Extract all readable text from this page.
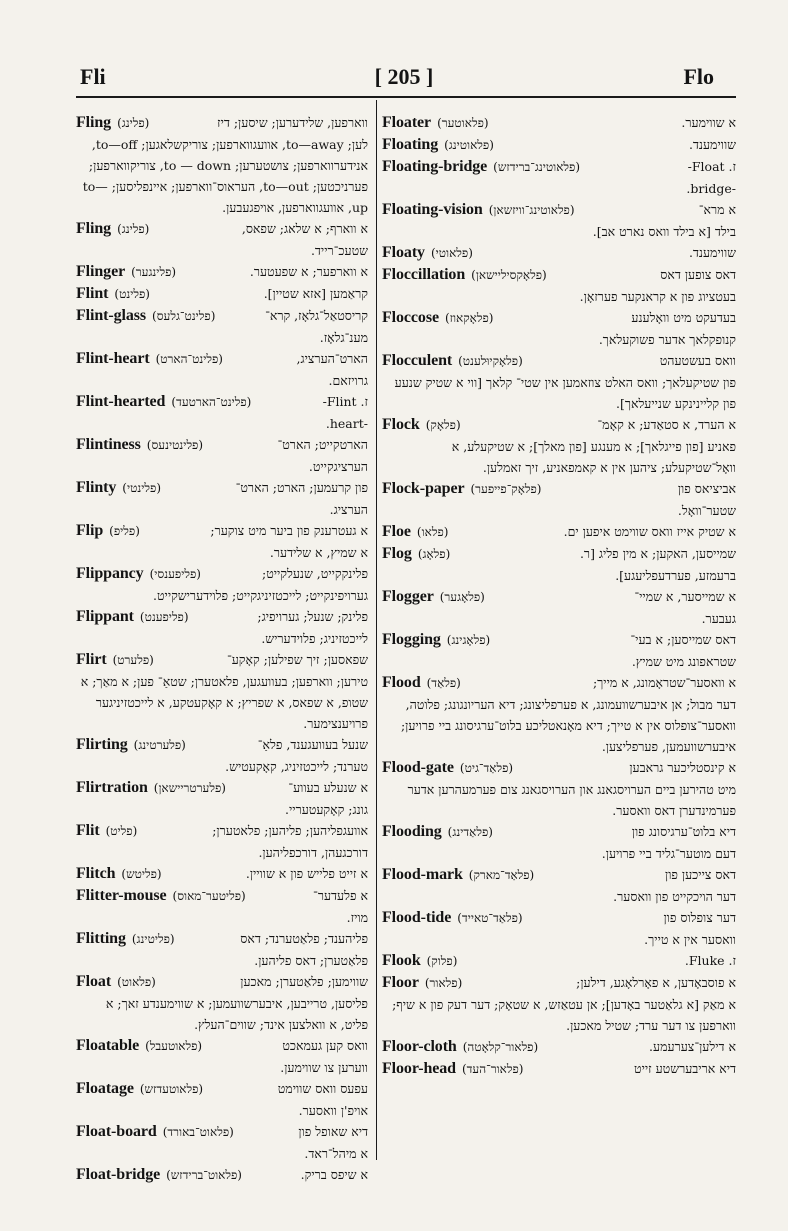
Fli	[ 205 ]	Flo
Fling (פלינג)	ווארפען, שלידערען; שיסען; דיז
לען; to—away, אוועגווארפען; צוריקשלאגען; to—off, אנידערווארפען; צושטערען; to — down, צוריקווארפען; פערניכטען; to—out, העראוס־ווארפען; איינפליסען; to—up, אוועגווארפען, אויפגעבען.
Fling (פלינג)	א ווארף; א שלאג; שפאס,
שטעכ־רייד.
Flinger (פלינגער)	א ווארפער; א שפעטער.
Flint (פלינט)	קראַמען [אזא שטיין].
Flint-glass (פלינט־גלעס)	קריסטאַל־גלאָז, קרא־
מענ־גלאָז.
Flint-heart (פלינט־הארט)	הארט־הערציג,
גרויזאם.
Flint-hearted (פלינט־הארטעד)	ז. Flint-
-heart.
Flintiness (פלינטינעס)	הארטקייט; הארט־
הערציגקייט.
Flinty (פלינטי)	פון קרעמען; הארט; הארט־
הערציג.
Flip (פליפ)	א געטרענק פון ביער מיט צוקער;
א שמיץ, א שלידער.
Flippancy (פליפענסי)	פלינקקייט, שנעלקייט;
גערויפינקייט; לייכטזיניגקייט; פלוידערישקייט.
Flippant (פליפענט)	פלינק; שנעל; גערויפיג;
לייכטזיניג; פלוידעריש.
Flirt (פלערט)	שפאסען; זיך שפילען; קאָקע־
טירען; ווארפען; בעוועגען, פלאטערן; שטאַ־ פען; א מאַך; א שטופ, א שפאס, א שפריץ; א קאָקעטקע, א לייכטזיניגער פרויענצימער.
Flirting (פלערטינג)	שנעל בעוועגענד, פלאַ־
טערנד; לייכטזיניג, קאָקעטיש.
Flirtration (פלערטריישאן)	א שנעלע בעווע־
גונג; קאָקעטעריי.
Flit (פליט)	אוועגפליהען; פליהען; פלאטערן;
דורכגעהן, דורכפליהען.
Flitch (פליטש)	א זייט פלייש פון א שוויין.
Flitter-mouse (פליטער־מאוס)	א פלעדער־
מויז.
Flitting (פליטינג)	פליהענד; פלאַטערנד; דאס
פלאַטערן; דאס פליהען.
Float (פלאוט)	שווימען; פלאַטערן; מאכען
פליסען, טרייבען, איבערשוועמען; א שווימענדע זאך; א פליט, א וואלצען אינד; שווים־העלץ.
Floatable (פלאוטעבל)	וואס קען געמאכט
ווערען צו שווימען.
Floatage (פלאוטעדזש)	עפעס וואס שווימט
אויפ'ן וואסער.
Float-board (פלאוט־באורד)	דיא שאופל פון
א מיהל־ראד.
Float-bridge (פלאוט־ברידזש)	א שיפס בריק.
Floater (פלאוטער)	א שווימער.
Floating (פלאוטינג)	שווימענד.
Floating-bridge (פלאוטינג־ברידזש)	ז. Float-
-bridge.
Floating-vision (פלאוטינג־וויזשאן)	א מרא־
בילד [א בילד וואס נארט אב].
Floaty (פלאוטי)	שווימענד.
Floccillation (פלאָקסיליישאן)	דאס צופען דאס
בעטציוג פון א קראנקער פערזאָן.
Floccose (פלאָקאוז)	בעדעקט מיט וואָלענע
קנופקלאך אדער פשוקעלאך.
Flocculent (פלאָקיוּלענט)	וואס בעשטעהט
פון שטיקעלאך; וואס האלט צוזאמען אין שטי־ קלאך [ווי א שטיק שנעע פון קליינינקע שנייעלאך].
Flock (פלאָק)	א הערד, א סטאַדע; א קאָמ־
פאניע [פון פייגלאך]; א מענגע [פון מאלך]; א שטיקעלע, א וואָל־שטיקעלע; ציהען אין א קאמפאניע, זיך זאמלען.
Flock-paper (פלאָק־פייפער)	אביציאס פון
שטער־וואָל.
Floe (פלאו)	א שטיק אייז וואס שווימט איפען ים.
Flog (פלאָג)	שמייסען, האקען; א מין פליג [ר.
ברעמזע, פערדעפליעגע].
Flogger (פלאָגער)	א שמייסער, א שמיי־
געבער.
Flogging (פלאָגינג)	דאס שמייסען; א בעי־
שטראפונג מיט שמיץ.
Flood (פלאַד)	א וואסער־שטראָמונג, א מייך;
דער מבול; אן איבערשוועמונג, א פערפליצונג; דיא העריונגונג; פלוטה, וואסער־צופלוס אין א טייך; דיא מאָנאטליכע בלוט־ערגיסונג ביי פרויען; איבערשוועמען, פערפליצען.
Flood-gate (פלאַד־גיט)	א קינסטליכער גראבען
מיט טהירען ביים הערויסגאנג און הערויסגאנג צום פערמעהרען אדער פערמינדערן דאס וואסער.
Flooding (פלאַדינג)	דיא בלוט־ערגיסונג פון
דעם מוטער־גליד ביי פרויען.
Flood-mark (פלאַד־מארק)	דאס צייכען פון
דער הויכקייט פון וואסער.
Flood-tide (פלאַד־טאייד)	דער צופלוס פון
וואסער אין א טייך.
Flook (פלוק)	ז. Fluke.
Floor (פלאור)	א פוסבאָדען, א פאָרלאָגע, דילען;
א מאַק [א גלאַטער באָדען]; אן עטאַזש, א שטאָק; דער דעק פון א שיף; ווארפען צו דער ערד; שטיל מאכען.
Floor-cloth (פלאור־קלאָטה)	א דילען־צערעמע.
Floor-head (פלאור־העד)	דיא אריבערשטע זייט
